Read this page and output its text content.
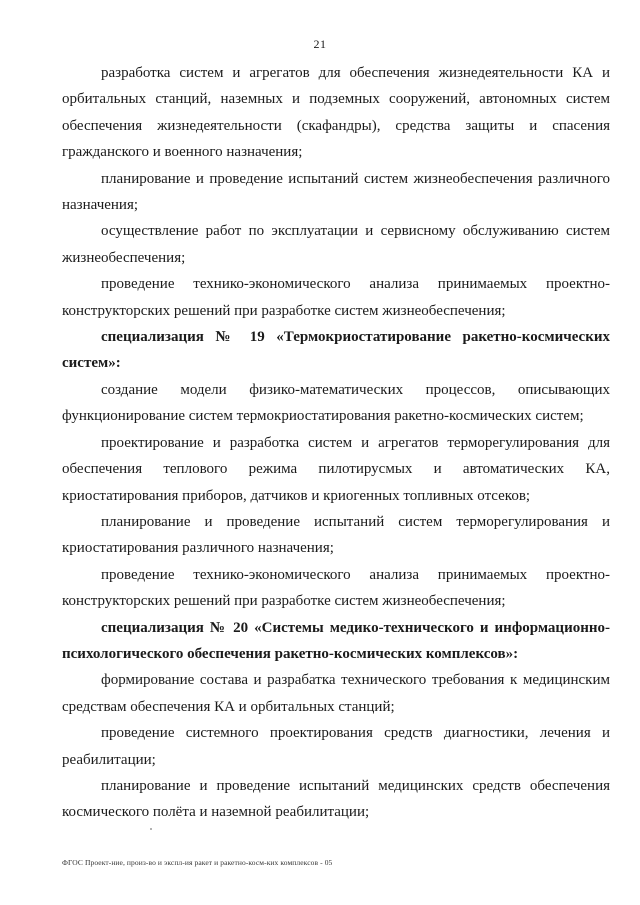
21

разработка систем и агрегатов для обеспечения жизнедеятельности КА и орбитальных станций, наземных и подземных сооружений, автономных систем обеспечения жизнедеятельности (скафандры), средства защиты и спасения гражданского и военного назначения;

планирование и проведение испытаний систем жизнеобеспечения различного назначения;

осуществление работ по эксплуатации и сервисному обслуживанию систем жизнеобеспечения;

проведение технико-экономического анализа принимаемых проектно-конструкторских решений при разработке систем жизнеобеспечения;

специализация № 19 «Термокриостатирование ракетно-космических систем»:

создание модели физико-математических процессов, описывающих функционирование систем термокриостатирования ракетно-космических систем;

проектирование и разработка систем и агрегатов терморегулирования для обеспечения теплового режима пилотирусмых и автоматических КА, криостатирования приборов, датчиков и криогенных топливных отсеков;

планирование и проведение испытаний систем терморегулирования и криостатирования различного назначения;

проведение технико-экономического анализа принимаемых проектно-конструкторских решений при разработке систем жизнеобеспечения;

специализация № 20 «Системы медико-технического и информационно-психологического обеспечения ракетно-космических комплексов»:

формирование состава и разрабатка технического требования к медицинским средствам обеспечения КА и орбитальных станций;

проведение системного проектирования средств диагностики, лечения и реабилитации;

планирование и проведение испытаний медицинских средств обеспечения космического полёта и наземной реабилитации;

ФГОС Проект-ние, произ-во и экспл-ия ракет и ракетно-косм-ких комплексов - 05
